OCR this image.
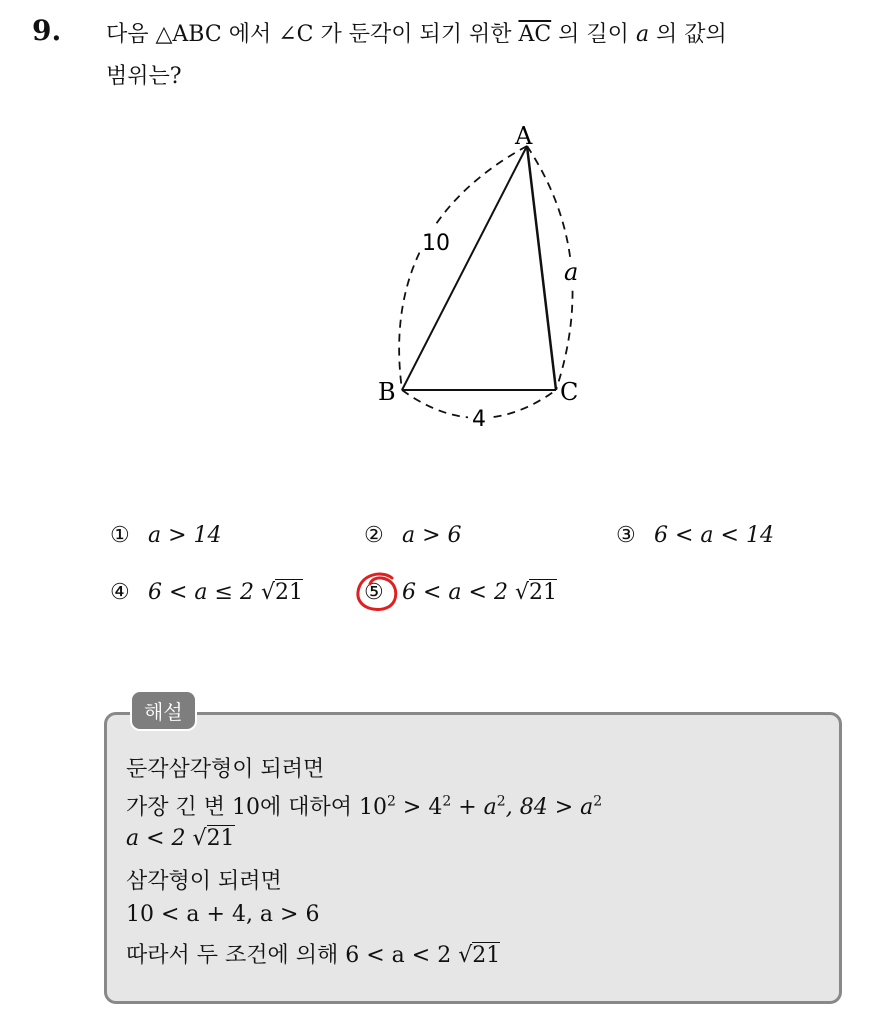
9. 다음 △ABC 에서 ∠C 가 둔각이 되기 위한 $\overline{AC}$ 의 길이 a 의 값의
범위는?
A
B	C
10
a
4
① a > 14	② a > 6	③ 6 < a < 14
④ 6 < a ≤ 2 √21	⑤ 6 < a < 2 √21
해설
둔각삼각형이 되려면
가장 긴 변 10에 대하여 $10^2 > 4^2 + a^2$, $84 > a^2$
a < 2 √21
삼각형이 되려면
10 < a + 4, a > 6
따라서 두 조건에 의해 6 < a < 2 √21
